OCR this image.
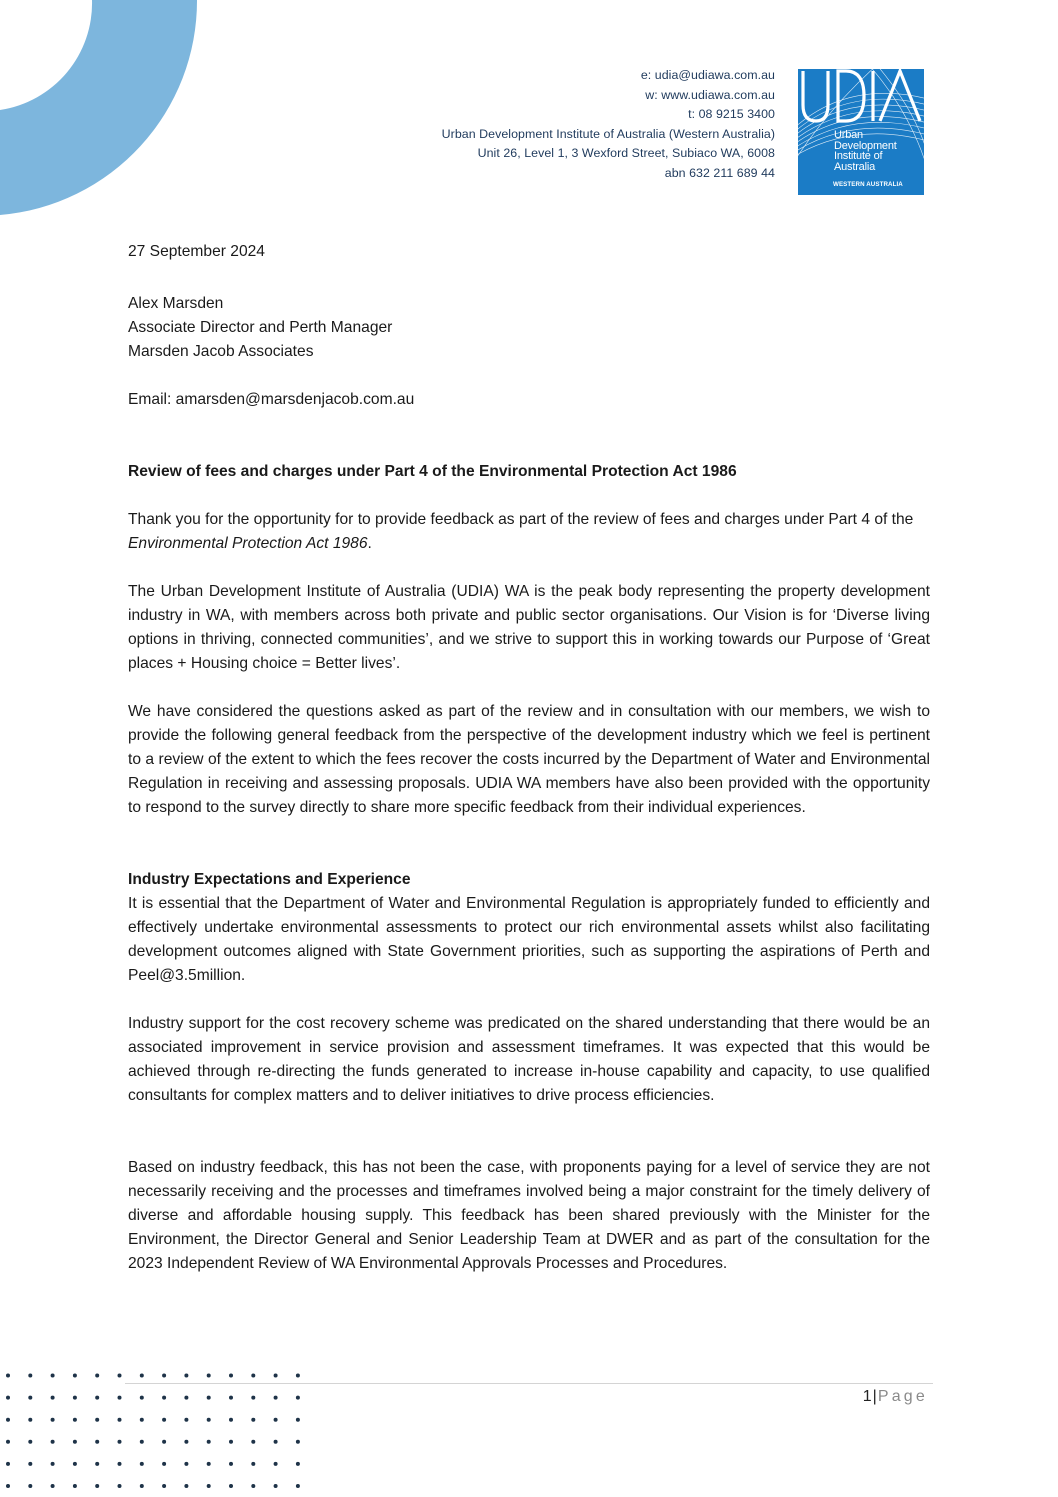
e: udia@udiawa.com.au
w: www.udiawa.com.au
t: 08 9215 3400
Urban Development Institute of Australia (Western Australia)
Unit 26, Level 1, 3 Wexford Street, Subiaco WA, 6008
abn 632 211 689 44
Urban
Development
Institute of
Australia
WESTERN AUSTRALIA

27 September 2024

Alex Marsden

Associate Director and Perth Manager

Marsden Jacob Associates

Email: amarsden@marsdenjacob.com.au

Review of fees and charges under Part 4 of the Environmental Protection Act 1986

Thank you for the opportunity for to provide feedback as part of the review of fees and charges under Part 4 of the Environmental Protection Act 1986.

The Urban Development Institute of Australia (UDIA) WA is the peak body representing the property development industry in WA, with members across both private and public sector organisations. Our Vision is for ‘Diverse living options in thriving, connected communities’, and we strive to support this in working towards our Purpose of ‘Great places + Housing choice = Better lives’.

We have considered the questions asked as part of the review and in consultation with our members, we wish to provide the following general feedback from the perspective of the development industry which we feel is pertinent to a review of the extent to which the fees recover the costs incurred by the Department of Water and Environmental Regulation in receiving and assessing proposals. UDIA WA members have also been provided with the opportunity to respond to the survey directly to share more specific feedback from their individual experiences.

Industry Expectations and Experience

It is essential that the Department of Water and Environmental Regulation is appropriately funded to efficiently and effectively undertake environmental assessments to protect our rich environmental assets whilst also facilitating development outcomes aligned with State Government priorities, such as supporting the aspirations of Perth and Peel@3.5million.

Industry support for the cost recovery scheme was predicated on the shared understanding that there would be an associated improvement in service provision and assessment timeframes. It was expected that this would be achieved through re-directing the funds generated to increase in-house capability and capacity, to use qualified consultants for complex matters and to deliver initiatives to drive process efficiencies.

Based on industry feedback, this has not been the case, with proponents paying for a level of service they are not necessarily receiving and the processes and timeframes involved being a major constraint for the timely delivery of diverse and affordable housing supply. This feedback has been shared previously with the Minister for the Environment, the Director General and Senior Leadership Team at DWER and as part of the consultation for the 2023 Independent Review of WA Environmental Approvals Processes and Procedures.

1|Page
